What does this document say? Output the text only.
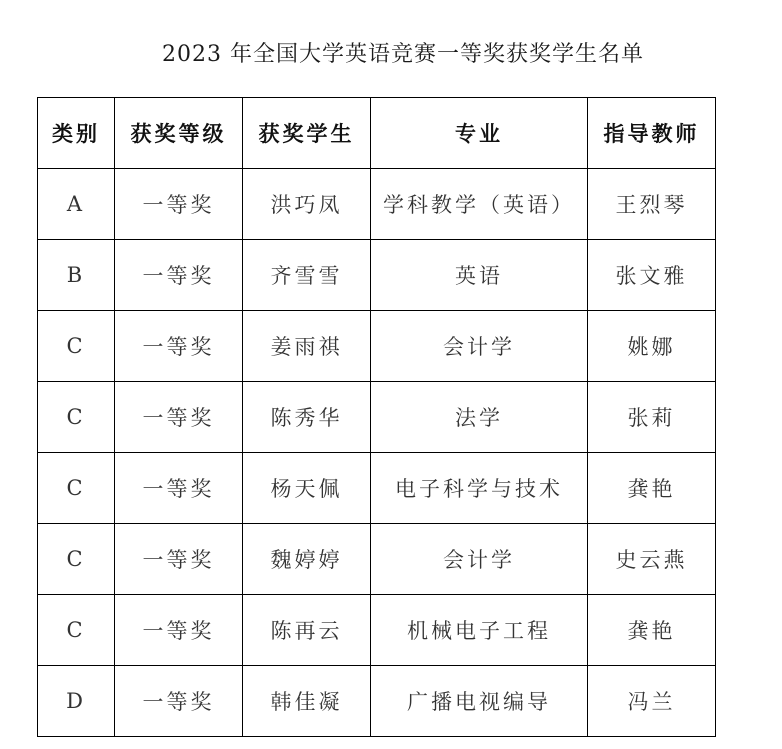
2023 年全国大学英语竞赛一等奖获奖学生名单
类别	获奖等级	获奖学生	专业	指导教师
A	一等奖	洪巧凤	学科教学（英语）	王烈琴
B	一等奖	齐雪雪	英语	张文雅
C	一等奖	姜雨祺	会计学	姚娜
C	一等奖	陈秀华	法学	张莉
C	一等奖	杨天佩	电子科学与技术	龚艳
C	一等奖	魏婷婷	会计学	史云燕
C	一等奖	陈再云	机械电子工程	龚艳
D	一等奖	韩佳凝	广播电视编导	冯兰
